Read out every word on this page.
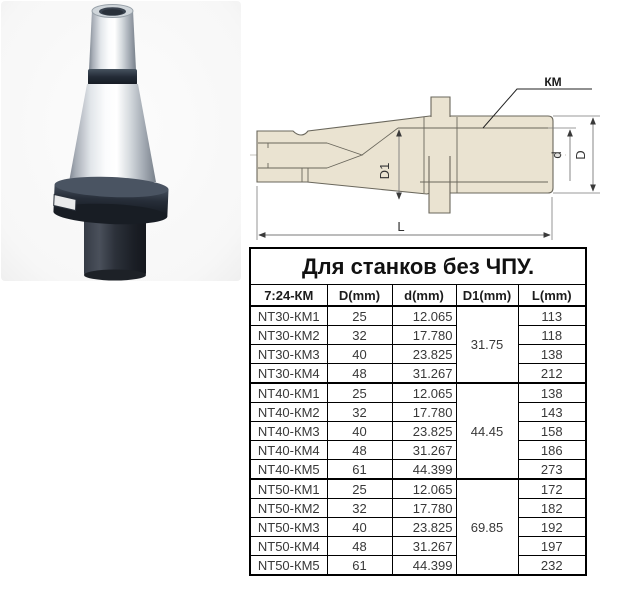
КМ
D1
d D
L
Для станков без ЧПУ.				
7:24-КМ	D(mm)	d(mm)	D1(mm)	L(mm)
NT30-КМ1	25	12.065	31.75	113
NT30-КМ2	32	17.780		118
NT30-КМ3	40	23.825		138
NT30-КМ4	48	31.267		212
NT40-КМ1	25	12.065	44.45	138
NT40-КМ2	32	17.780		143
NT40-КМ3	40	23.825		158
NT40-КМ4	48	31.267		186
NT40-КМ5	61	44.399		273
NT50-КМ1	25	12.065	69.85	172
NT50-КМ2	32	17.780		182
NT50-КМ3	40	23.825		192
NT50-КМ4	48	31.267		197
NT50-КМ5	61	44.399		232
